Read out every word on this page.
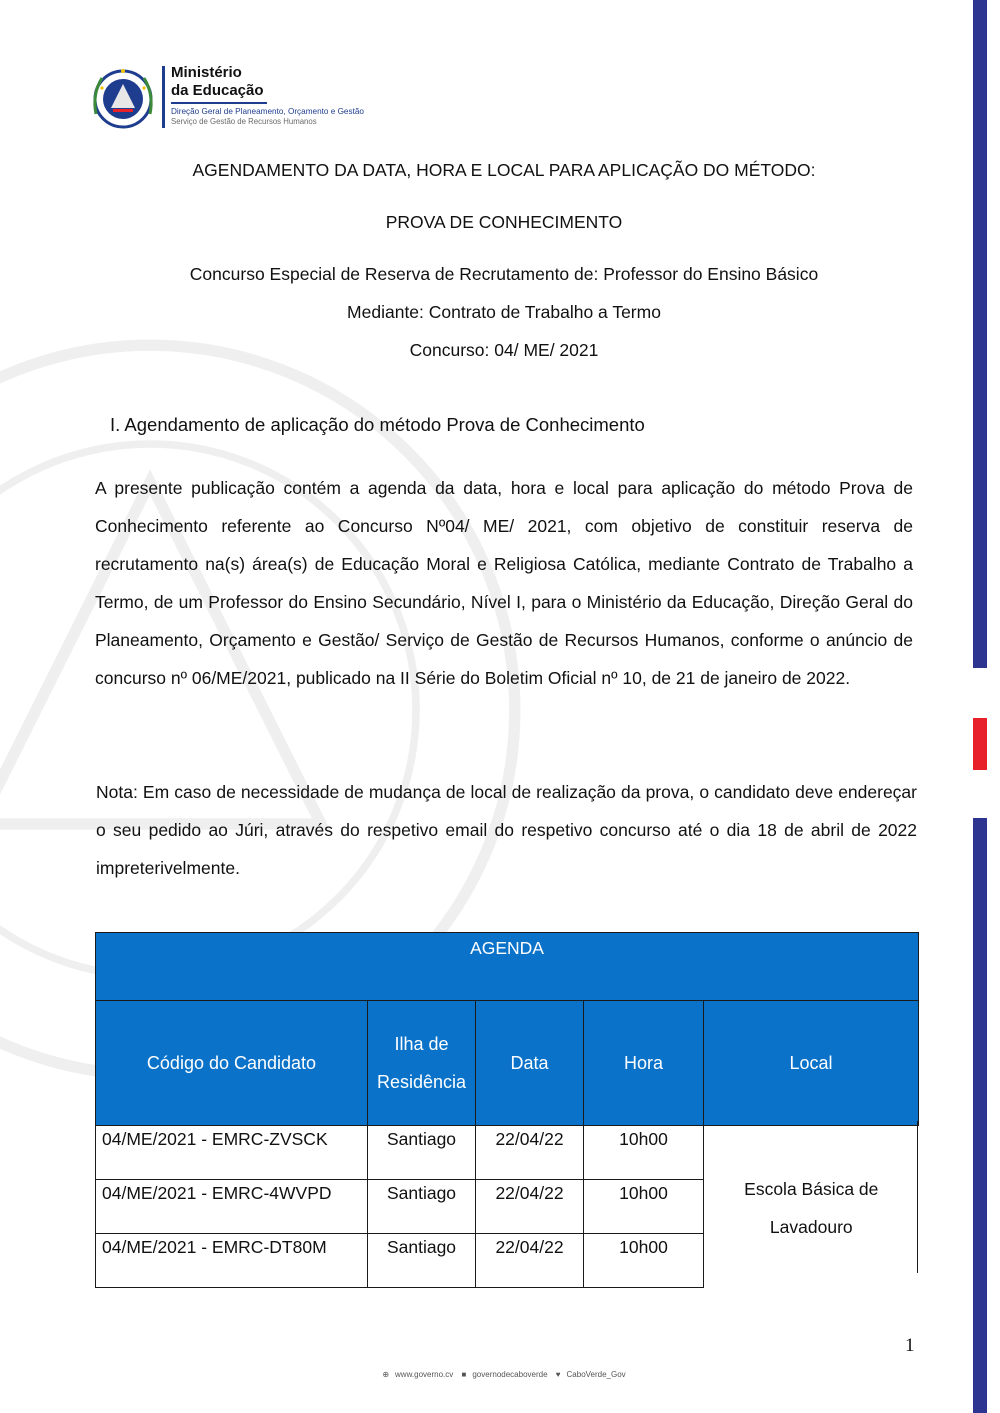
Ministério
da Educação
Direção Geral de Planeamento, Orçamento e Gestão
Serviço de Gestão de Recursos Humanos
AGENDAMENTO DA DATA, HORA E LOCAL PARA APLICAÇÃO DO MÉTODO:
PROVA DE CONHECIMENTO
Concurso Especial de Reserva de Recrutamento de: Professor do Ensino Básico
Mediante: Contrato de Trabalho a Termo
Concurso: 04/ ME/ 2021
I. Agendamento de aplicação do método Prova de Conhecimento
A presente publicação contém a agenda da data, hora e local para aplicação do método Prova de Conhecimento referente ao Concurso Nº04/ ME/ 2021, com objetivo de constituir reserva de recrutamento na(s) área(s) de Educação Moral e Religiosa Católica, mediante Contrato de Trabalho a Termo, de um Professor do Ensino Secundário, Nível I, para o Ministério da Educação, Direção Geral do Planeamento, Orçamento e Gestão/ Serviço de Gestão de Recursos Humanos, conforme o anúncio de concurso nº 06/ME/2021, publicado na II Série do Boletim Oficial nº 10, de 21 de janeiro de 2022.
Nota: Em caso de necessidade de mudança de local de realização da prova, o candidato deve endereçar o seu pedido ao Júri, através do respetivo email do respetivo concurso até o dia 18 de abril de 2022 impreterivelmente.
AGENDA				
Código do Candidato	Ilha de Residência	Data	Hora	Local
04/ME/2021 - EMRC-ZVSCK	Santiago	22/04/22	10h00	Escola Básica de Lavadouro
04/ME/2021 - EMRC-4WVPD	Santiago	22/04/22	10h00	
04/ME/2021 - EMRC-DT80M	Santiago	22/04/22	10h00	
1
⊕ www.governo.cv ■ governodecaboverde ♥ CaboVerde_Gov
